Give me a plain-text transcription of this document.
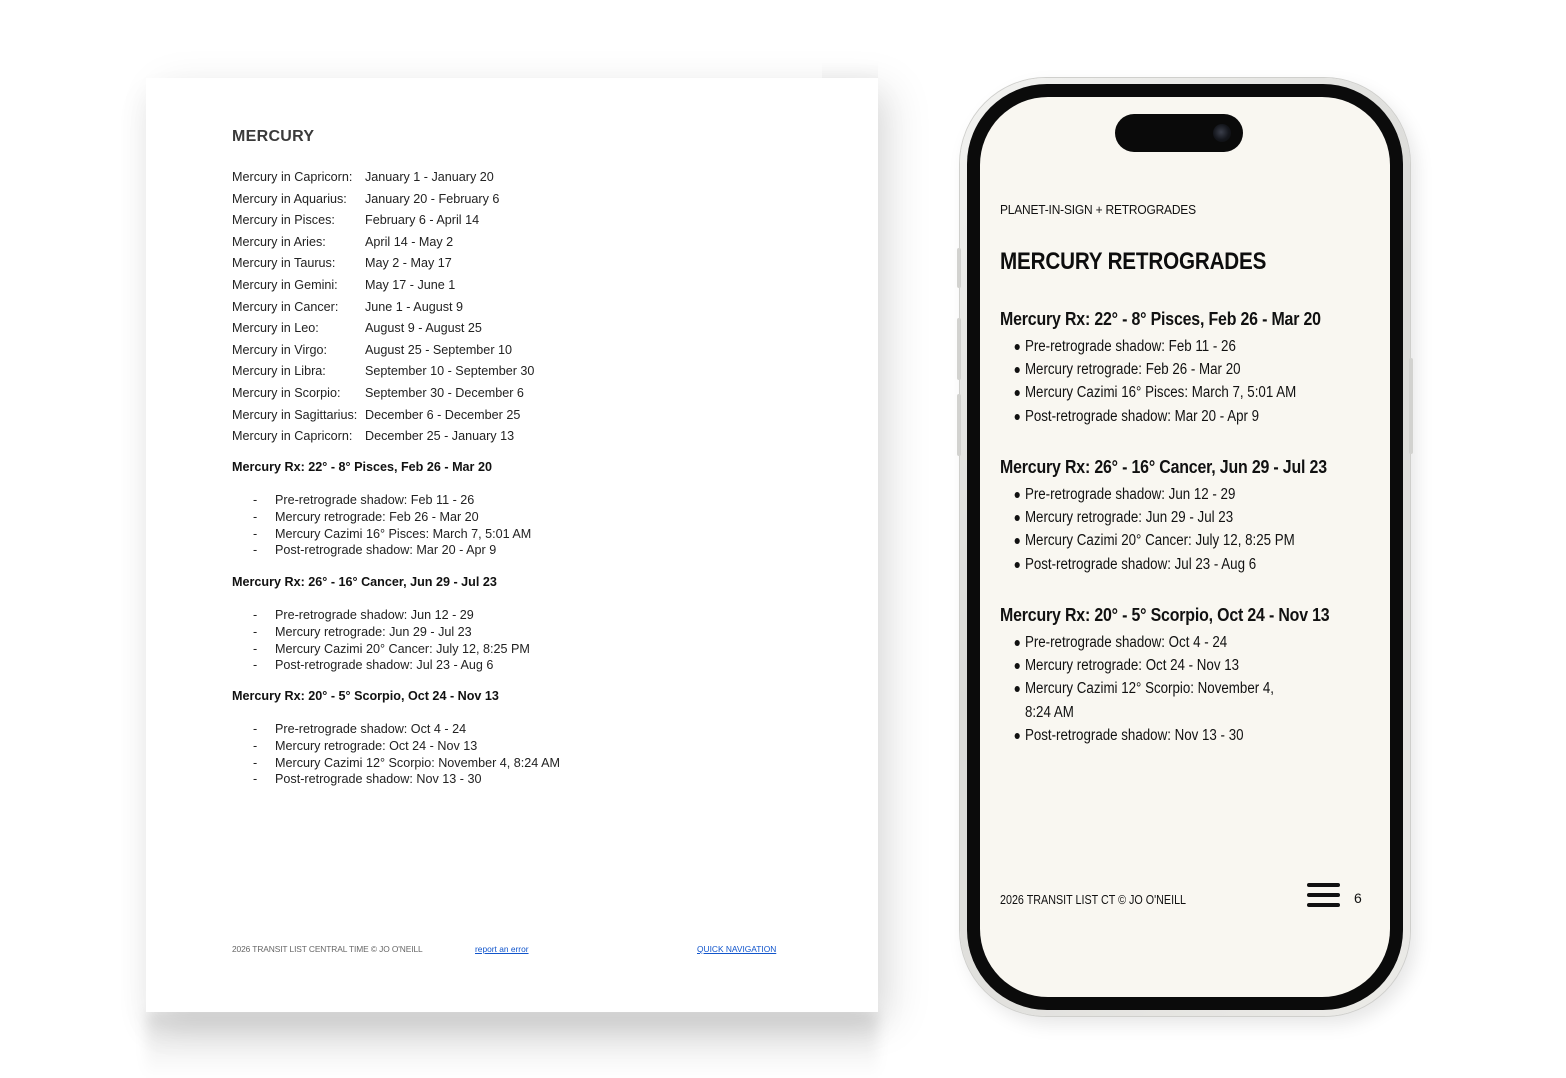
MERCURY
Mercury in Capricorn:	January 1 - January 20
Mercury in Aquarius:	January 20 - February 6
Mercury in Pisces:	February 6 - April 14
Mercury in Aries:	April 14 - May 2
Mercury in Taurus:	May 2 - May 17
Mercury in Gemini:	May 17 - June 1
Mercury in Cancer:	June 1 - August 9
Mercury in Leo:	August 9 - August 25
Mercury in Virgo:	August 25 - September 10
Mercury in Libra:	September 10 - September 30
Mercury in Scorpio:	September 30 - December 6
Mercury in Sagittarius: December 6 - December 25
Mercury in Capricorn:	December 25 - January 13
Mercury Rx: 22° - 8° Pisces, Feb 26 - Mar 20
- Pre-retrograde shadow: Feb 11 - 26
- Mercury retrograde: Feb 26 - Mar 20
- Mercury Cazimi 16° Pisces: March 7, 5:01 AM
- Post-retrograde shadow: Mar 20 - Apr 9
Mercury Rx: 26° - 16° Cancer, Jun 29 - Jul 23
- Pre-retrograde shadow: Jun 12 - 29
- Mercury retrograde: Jun 29 - Jul 23
- Mercury Cazimi 20° Cancer: July 12, 8:25 PM
- Post-retrograde shadow: Jul 23 - Aug 6
Mercury Rx: 20° - 5° Scorpio, Oct 24 - Nov 13
- Pre-retrograde shadow: Oct 4 - 24
- Mercury retrograde: Oct 24 - Nov 13
- Mercury Cazimi 12° Scorpio: November 4, 8:24 AM
- Post-retrograde shadow: Nov 13 - 30
2026 TRANSIT LIST CENTRAL TIME © JO O'NEILL	report an error	QUICK NAVIGATION
PLANET-IN-SIGN + RETROGRADES
MERCURY RETROGRADES
Mercury Rx: 22° - 8° Pisces, Feb 26 - Mar 20
Pre-retrograde shadow: Feb 11 - 26
Mercury retrograde: Feb 26 - Mar 20
Mercury Cazimi 16° Pisces: March 7, 5:01 AM
Post-retrograde shadow: Mar 20 - Apr 9
Mercury Rx: 26° - 16° Cancer, Jun 29 - Jul 23
Pre-retrograde shadow: Jun 12 - 29
Mercury retrograde: Jun 29 - Jul 23
Mercury Cazimi 20° Cancer: July 12, 8:25 PM
Post-retrograde shadow: Jul 23 - Aug 6
Mercury Rx: 20° - 5° Scorpio, Oct 24 - Nov 13
Pre-retrograde shadow: Oct 4 - 24
Mercury retrograde: Oct 24 - Nov 13
Mercury Cazimi 12° Scorpio: November 4, 8:24 AM
Post-retrograde shadow: Nov 13 - 30
2026 TRANSIT LIST CT © JO O'NEILL	6
